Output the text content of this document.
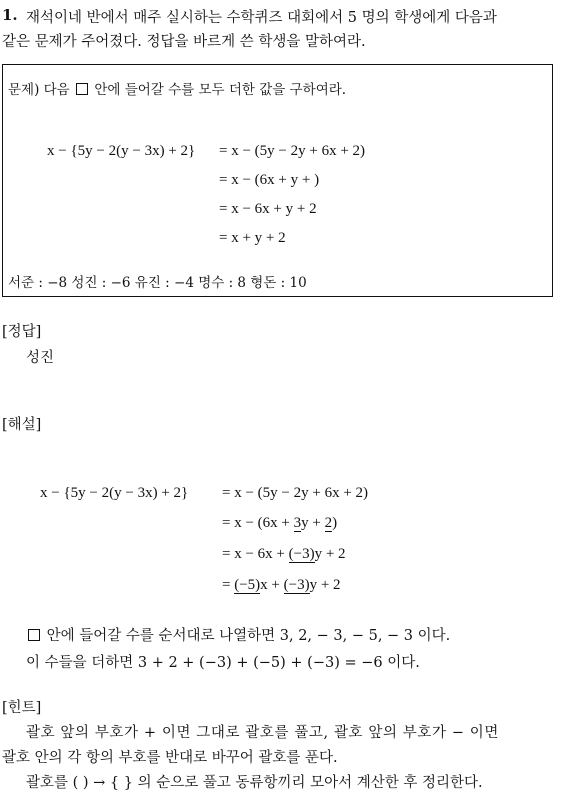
1. 재석이네 반에서 매주 실시하는 수학퀴즈 대회에서 5 명의 학생에게 다음과
같은 문제가 주어졌다. 정답을 바르게 쓴 학생을 말하여라.
문제) 다음 안에 들어갈 수를 모두 더한 값을 구하여라.
x − {5y − 2(y − 3x) + 2} = x − (5y − 2y + 6x + 2)
= x − (6x + y + )
= x − 6x + y + 2
= x + y + 2
서준 : −8 성진 : −6 유진 : −4 명수 : 8 형돈 : 10
[정답]
성진
[해설]
x − {5y − 2(y − 3x) + 2} = x − (5y − 2y + 6x + 2)
= x − (6x + 3y + 2)
= x − 6x + (−3)y + 2
= (−5)x + (−3)y + 2
안에 들어갈 수를 순서대로 나열하면 3, 2, − 3, − 5, − 3 이다.
이 수들을 더하면 3 + 2 + (−3) + (−5) + (−3) = −6 이다.
[힌트]
괄호 앞의 부호가 + 이면 그대로 괄호를 풀고, 괄호 앞의 부호가 − 이면
괄호 안의 각 항의 부호를 반대로 바꾸어 괄호를 푼다.
괄호를 ( ) → { } 의 순으로 풀고 동류항끼리 모아서 계산한 후 정리한다.
